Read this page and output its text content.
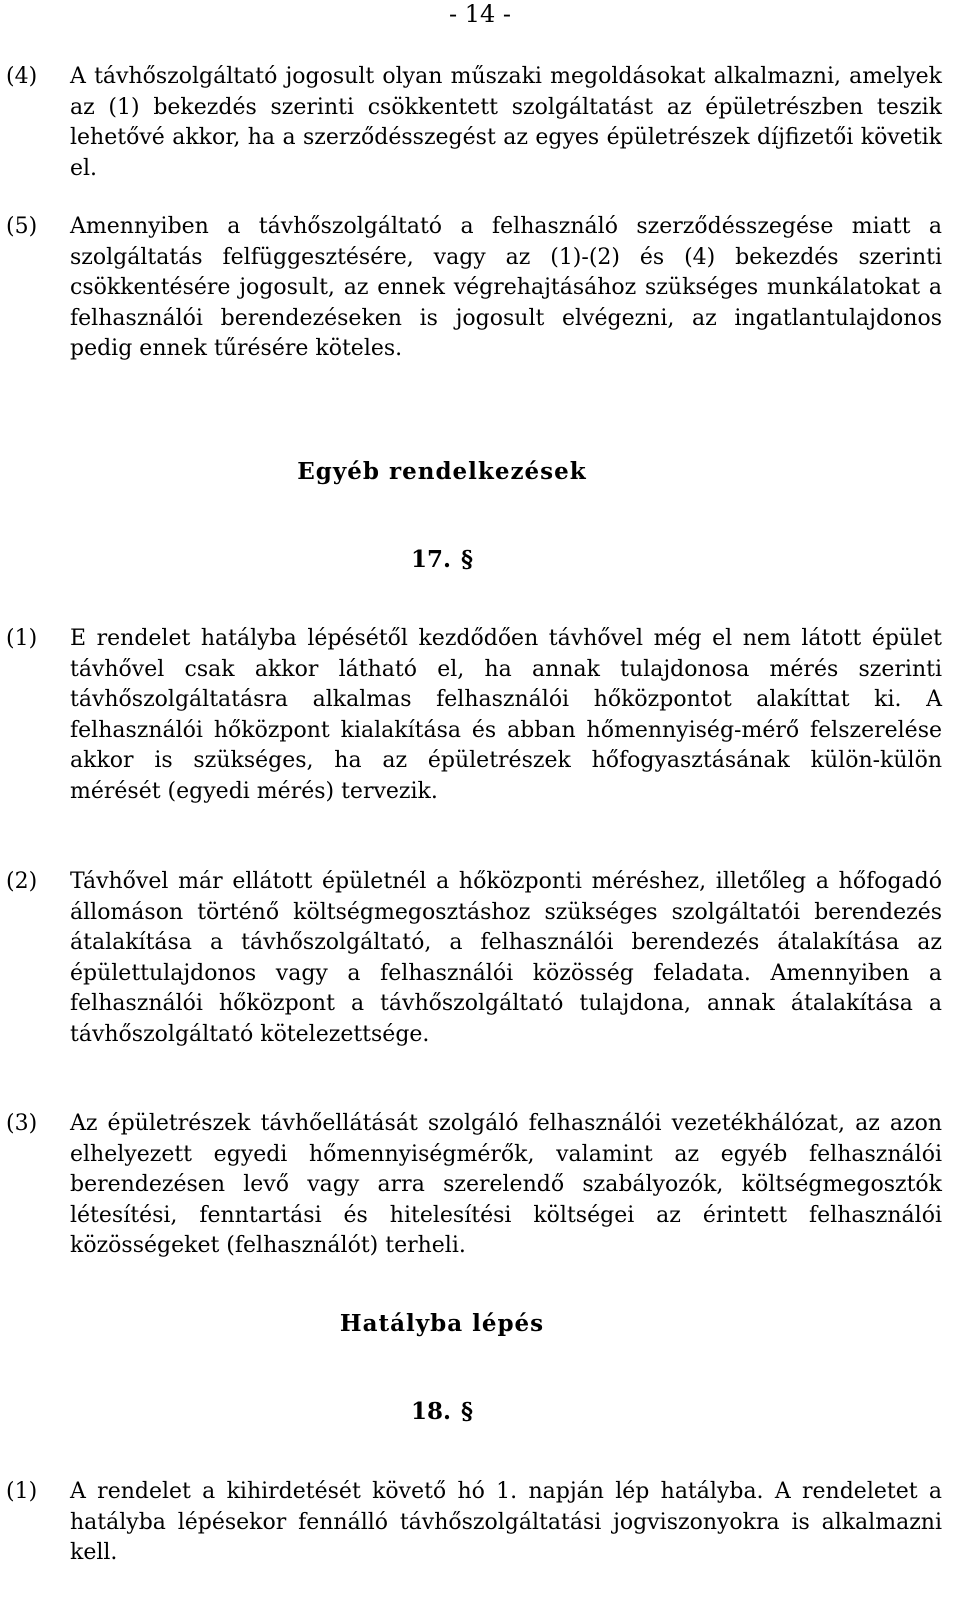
- 14 -
(4) A távhőszolgáltató jogosult olyan műszaki megoldásokat alkalmazni, amelyek az (1) bekezdés szerinti csökkentett szolgáltatást az épületrészben teszik lehetővé akkor, ha a szerződésszegést az egyes épületrészek díjfizetői követik el.
(5) Amennyiben a távhőszolgáltató a felhasználó szerződésszegése miatt a szolgáltatás felfüggesztésére, vagy az (1)-(2) és (4) bekezdés szerinti csökkentésére jogosult, az ennek végrehajtásához szükséges munkálatokat a felhasználói berendezéseken is jogosult elvégezni, az ingatlantulajdonos pedig ennek tűrésére köteles.
Egyéb rendelkezések
17. §
(1) E rendelet hatályba lépésétől kezdődően távhővel még el nem látott épület távhővel csak akkor látható el, ha annak tulajdonosa mérés szerinti távhőszolgáltatásra alkalmas felhasználói hőközpontot alakíttat ki. A felhasználói hőközpont kialakítása és abban hőmennyiség-mérő felszerelése akkor is szükséges, ha az épületrészek hőfogyasztásának külön-külön mérését (egyedi mérés) tervezik.
(2) Távhővel már ellátott épületnél a hőközponti méréshez, illetőleg a hőfogadó állomáson történő költségmegosztáshoz szükséges szolgáltatói berendezés átalakítása a távhőszolgáltató, a felhasználói berendezés átalakítása az épülettulajdonos vagy a felhasználói közösség feladata. Amennyiben a felhasználói hőközpont a távhőszolgáltató tulajdona, annak átalakítása a távhőszolgáltató kötelezettsége.
(3) Az épületrészek távhőellátását szolgáló felhasználói vezetékhálózat, az azon elhelyezett egyedi hőmennyiségmérők, valamint az egyéb felhasználói berendezésen levő vagy arra szerelendő szabályozók, költségmegosztók létesítési, fenntartási és hitelesítési költségei az érintett felhasználói közösségeket (felhasználót) terheli.
Hatályba lépés
18. §
(1) A rendelet a kihirdetését követő hó 1. napján lép hatályba. A rendeletet a hatályba lépésekor fennálló távhőszolgáltatási jogviszonyokra is alkalmazni kell.
